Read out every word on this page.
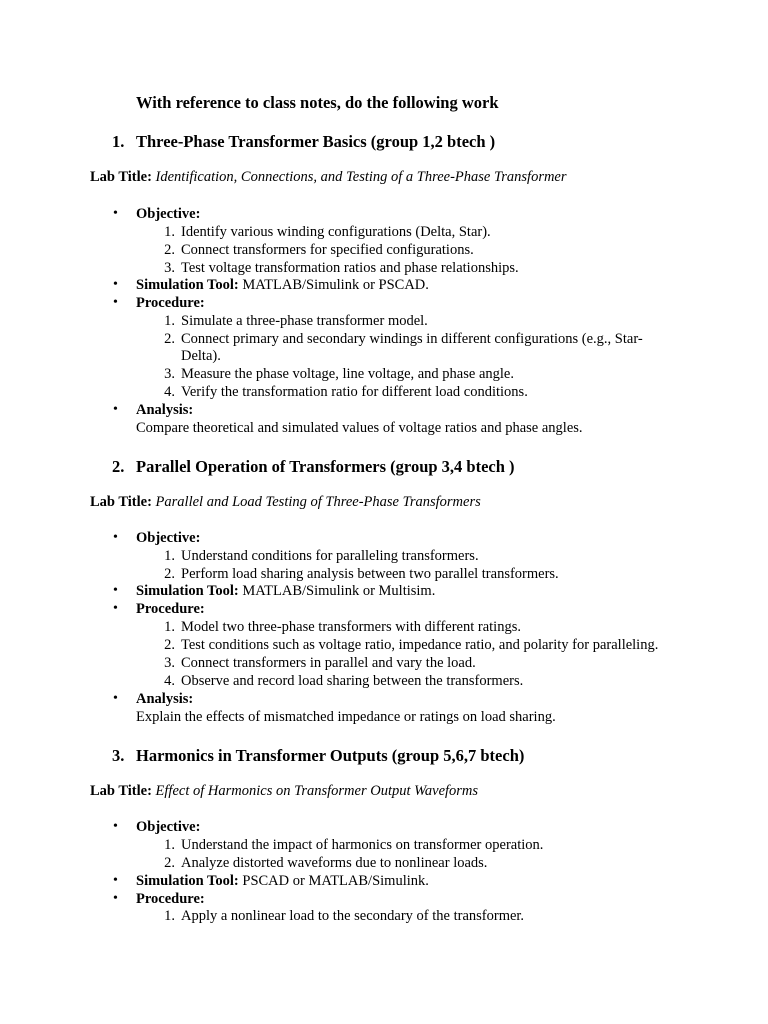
With reference to class notes, do the following work
1. Three-Phase Transformer Basics (group 1,2 btech )
Lab Title: Identification, Connections, and Testing of a Three-Phase Transformer
• Objective:
1. Identify various winding configurations (Delta, Star).
2. Connect transformers for specified configurations.
3. Test voltage transformation ratios and phase relationships.
• Simulation Tool: MATLAB/Simulink or PSCAD.
• Procedure:
1. Simulate a three-phase transformer model.
2. Connect primary and secondary windings in different configurations (e.g., Star-
Delta).
3. Measure the phase voltage, line voltage, and phase angle.
4. Verify the transformation ratio for different load conditions.
• Analysis:
Compare theoretical and simulated values of voltage ratios and phase angles.
2. Parallel Operation of Transformers (group 3,4 btech )
Lab Title: Parallel and Load Testing of Three-Phase Transformers
• Objective:
1. Understand conditions for paralleling transformers.
2. Perform load sharing analysis between two parallel transformers.
• Simulation Tool: MATLAB/Simulink or Multisim.
• Procedure:
1. Model two three-phase transformers with different ratings.
2. Test conditions such as voltage ratio, impedance ratio, and polarity for paralleling.
3. Connect transformers in parallel and vary the load.
4. Observe and record load sharing between the transformers.
• Analysis:
Explain the effects of mismatched impedance or ratings on load sharing.
3. Harmonics in Transformer Outputs (group 5,6,7 btech)
Lab Title: Effect of Harmonics on Transformer Output Waveforms
• Objective:
1. Understand the impact of harmonics on transformer operation.
2. Analyze distorted waveforms due to nonlinear loads.
• Simulation Tool: PSCAD or MATLAB/Simulink.
• Procedure:
1. Apply a nonlinear load to the secondary of the transformer.
